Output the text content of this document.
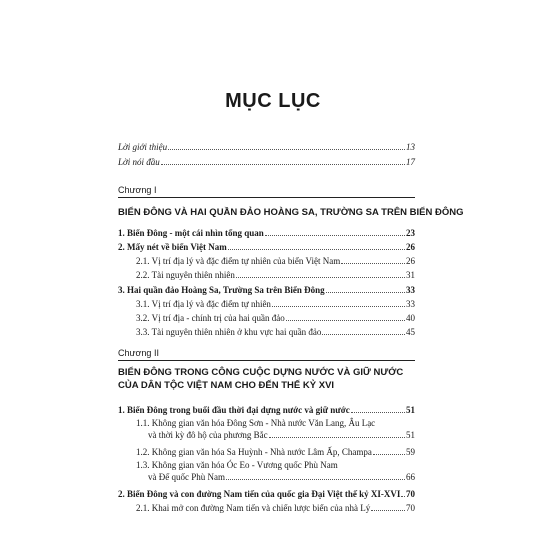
MỤC LỤC
Lời giới thiệu	13
Lời nói đầu	17
Chương I
BIỂN ĐÔNG VÀ HAI QUẦN ĐẢO HOÀNG SA, TRƯỜNG SA TRÊN BIỂN ĐÔNG
1. Biển Đông - một cái nhìn tổng quan	23
2. Mấy nét về biển Việt Nam	26
2.1. Vị trí địa lý và đặc điểm tự nhiên của biển Việt Nam	26
2.2. Tài nguyên thiên nhiên	31
3. Hai quần đảo Hoàng Sa, Trường Sa trên Biển Đông	33
3.1. Vị trí địa lý và đặc điểm tự nhiên	33
3.2. Vị trí địa - chính trị của hai quần đảo	40
3.3. Tài nguyên thiên nhiên ở khu vực hai quần đảo	45
Chương II
BIỂN ĐÔNG TRONG CÔNG CUỘC DỰNG NƯỚC VÀ GIỮ NƯỚC
CỦA DÂN TỘC VIỆT NAM CHO ĐẾN THẾ KỶ XVI
1. Biển Đông trong buổi đầu thời đại dựng nước và giữ nước	51
1.1. Không gian văn hóa Đông Sơn - Nhà nước Văn Lang, Âu Lạc
và thời kỳ đô hộ của phương Bắc	51
1.2. Không gian văn hóa Sa Huỳnh - Nhà nước Lâm Ấp, Champa	59
1.3. Không gian văn hóa Óc Eo - Vương quốc Phù Nam
và Đế quốc Phù Nam	66
2. Biển Đông và con đường Nam tiến của quốc gia Đại Việt thế kỷ XI-XVI 70
2.1. Khai mở con đường Nam tiến và chiến lược biển của nhà Lý	70
